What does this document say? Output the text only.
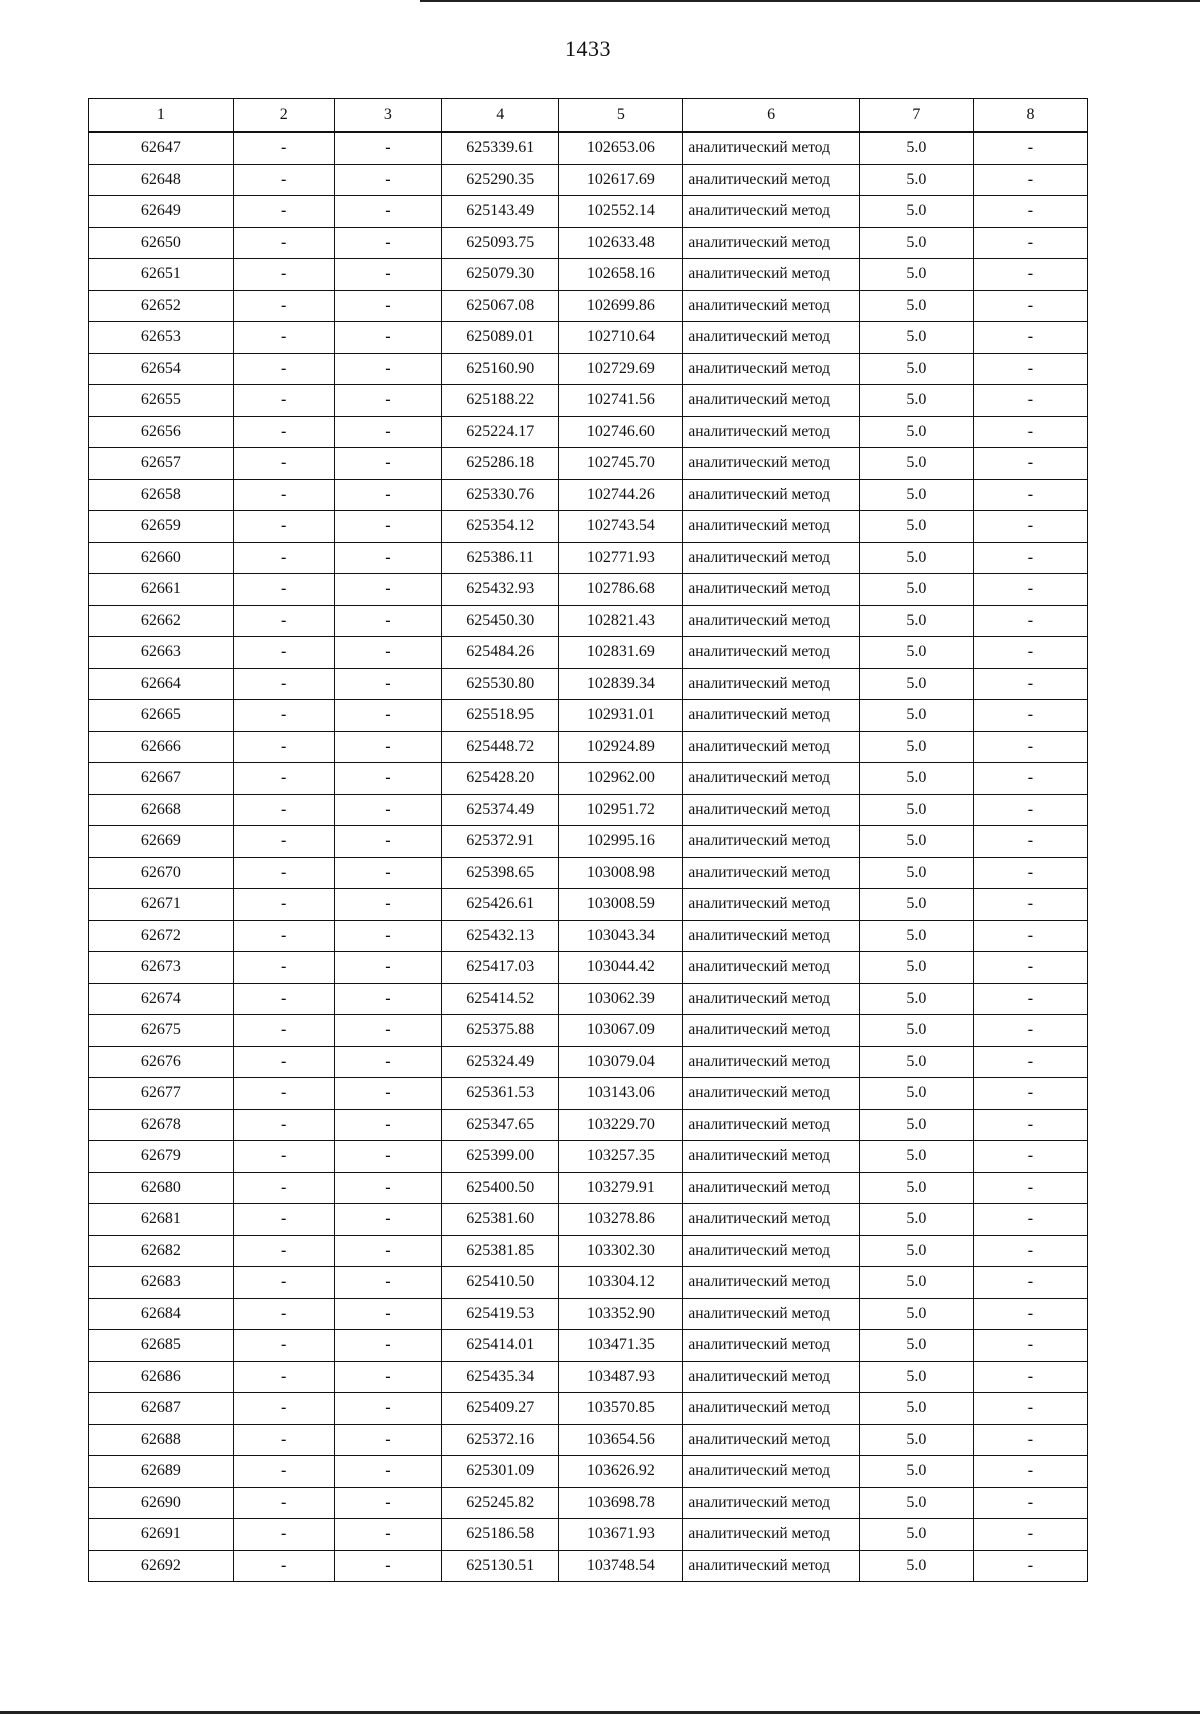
1433
1	2	3	4	5	6	7	8
62647	-	-	625339.61	102653.06	аналитический метод	5.0	-
62648	-	-	625290.35	102617.69	аналитический метод	5.0	-
62649	-	-	625143.49	102552.14	аналитический метод	5.0	-
62650	-	-	625093.75	102633.48	аналитический метод	5.0	-
62651	-	-	625079.30	102658.16	аналитический метод	5.0	-
62652	-	-	625067.08	102699.86	аналитический метод	5.0	-
62653	-	-	625089.01	102710.64	аналитический метод	5.0	-
62654	-	-	625160.90	102729.69	аналитический метод	5.0	-
62655	-	-	625188.22	102741.56	аналитический метод	5.0	-
62656	-	-	625224.17	102746.60	аналитический метод	5.0	-
62657	-	-	625286.18	102745.70	аналитический метод	5.0	-
62658	-	-	625330.76	102744.26	аналитический метод	5.0	-
62659	-	-	625354.12	102743.54	аналитический метод	5.0	-
62660	-	-	625386.11	102771.93	аналитический метод	5.0	-
62661	-	-	625432.93	102786.68	аналитический метод	5.0	-
62662	-	-	625450.30	102821.43	аналитический метод	5.0	-
62663	-	-	625484.26	102831.69	аналитический метод	5.0	-
62664	-	-	625530.80	102839.34	аналитический метод	5.0	-
62665	-	-	625518.95	102931.01	аналитический метод	5.0	-
62666	-	-	625448.72	102924.89	аналитический метод	5.0	-
62667	-	-	625428.20	102962.00	аналитический метод	5.0	-
62668	-	-	625374.49	102951.72	аналитический метод	5.0	-
62669	-	-	625372.91	102995.16	аналитический метод	5.0	-
62670	-	-	625398.65	103008.98	аналитический метод	5.0	-
62671	-	-	625426.61	103008.59	аналитический метод	5.0	-
62672	-	-	625432.13	103043.34	аналитический метод	5.0	-
62673	-	-	625417.03	103044.42	аналитический метод	5.0	-
62674	-	-	625414.52	103062.39	аналитический метод	5.0	-
62675	-	-	625375.88	103067.09	аналитический метод	5.0	-
62676	-	-	625324.49	103079.04	аналитический метод	5.0	-
62677	-	-	625361.53	103143.06	аналитический метод	5.0	-
62678	-	-	625347.65	103229.70	аналитический метод	5.0	-
62679	-	-	625399.00	103257.35	аналитический метод	5.0	-
62680	-	-	625400.50	103279.91	аналитический метод	5.0	-
62681	-	-	625381.60	103278.86	аналитический метод	5.0	-
62682	-	-	625381.85	103302.30	аналитический метод	5.0	-
62683	-	-	625410.50	103304.12	аналитический метод	5.0	-
62684	-	-	625419.53	103352.90	аналитический метод	5.0	-
62685	-	-	625414.01	103471.35	аналитический метод	5.0	-
62686	-	-	625435.34	103487.93	аналитический метод	5.0	-
62687	-	-	625409.27	103570.85	аналитический метод	5.0	-
62688	-	-	625372.16	103654.56	аналитический метод	5.0	-
62689	-	-	625301.09	103626.92	аналитический метод	5.0	-
62690	-	-	625245.82	103698.78	аналитический метод	5.0	-
62691	-	-	625186.58	103671.93	аналитический метод	5.0	-
62692	-	-	625130.51	103748.54	аналитический метод	5.0	-
